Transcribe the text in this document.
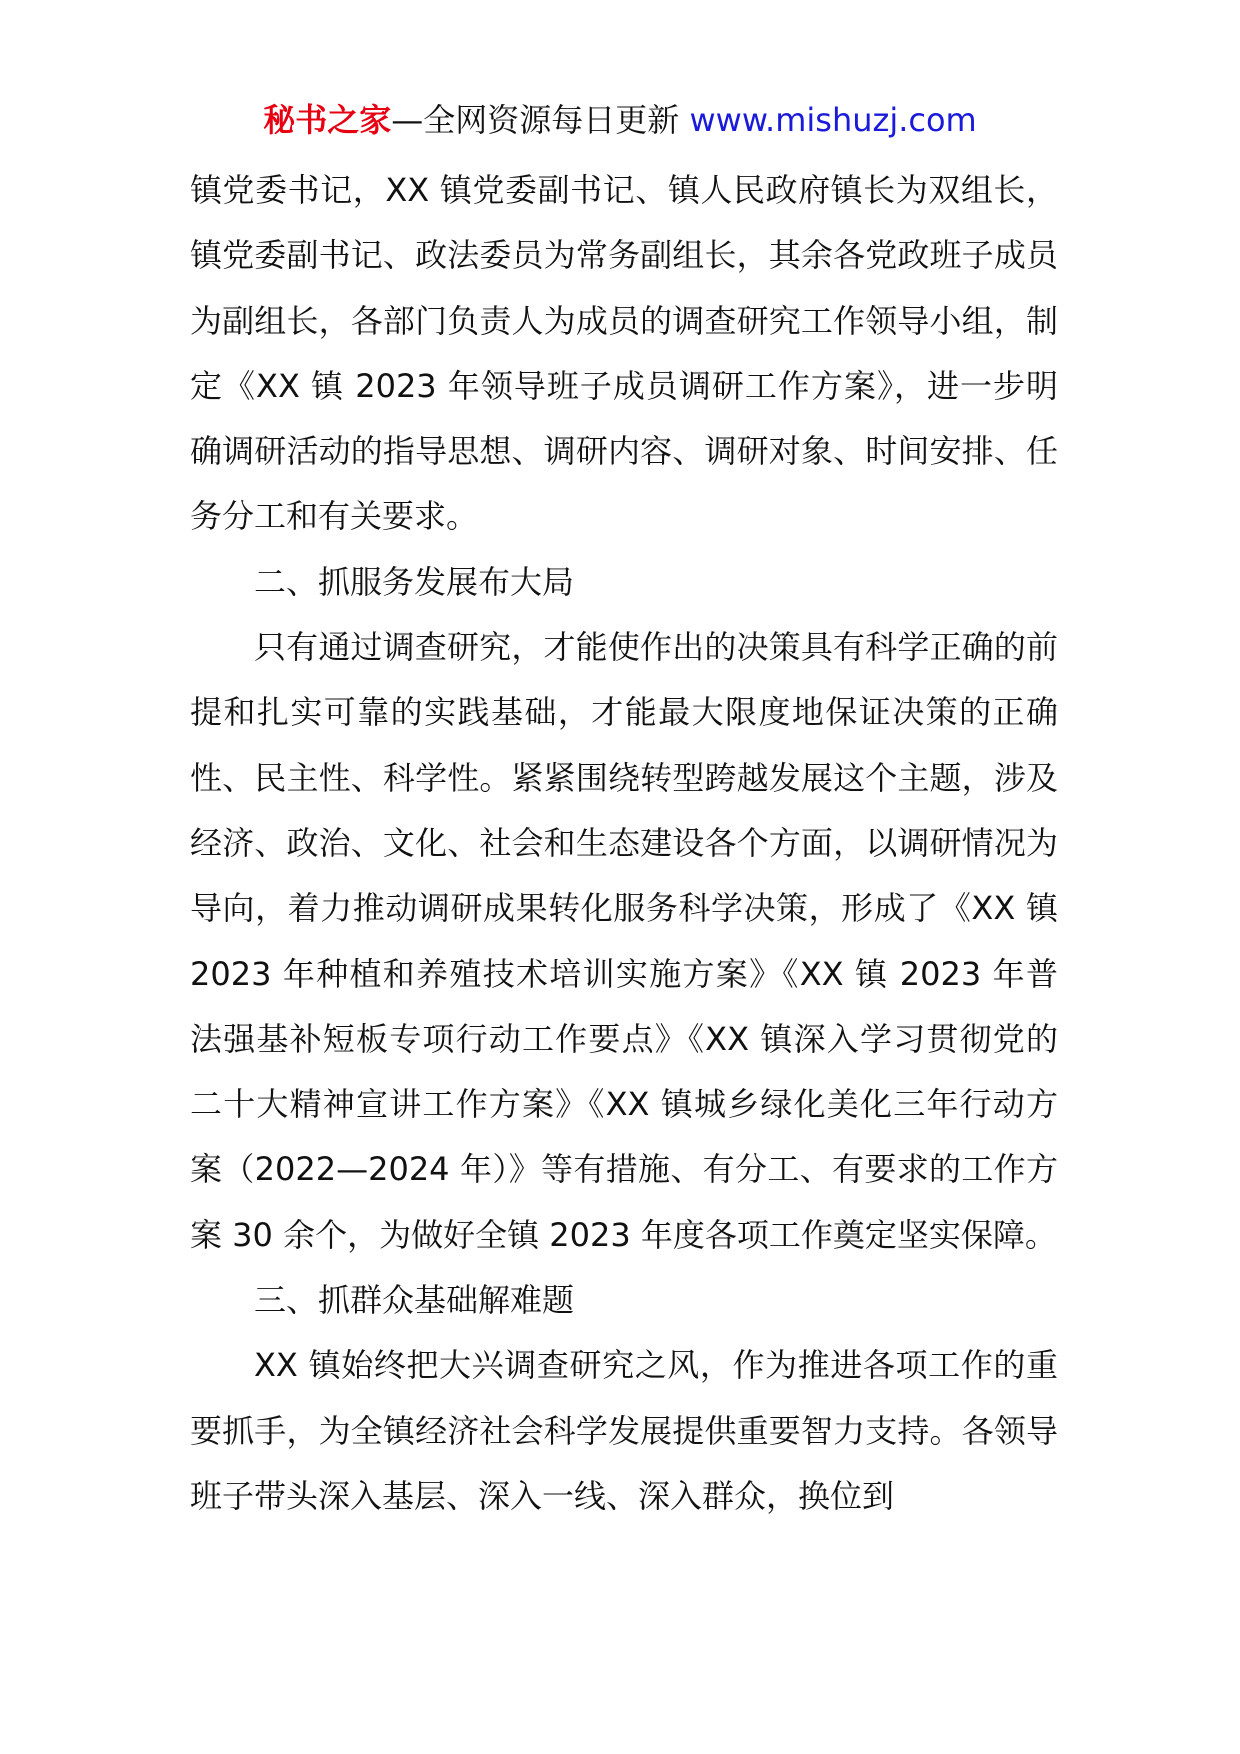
秘书之家—全网资源每日更新 www.mishuzj.com

镇党委书记，XX 镇党委副书记、镇人民政府镇长为双组长，镇党委副书记、政法委员为常务副组长，其余各党政班子成员为副组长，各部门负责人为成员的调查研究工作领导小组，制定《XX 镇 2023 年领导班子成员调研工作方案》，进一步明确调研活动的指导思想、调研内容、调研对象、时间安排、任务分工和有关要求。

二、抓服务发展布大局

只有通过调查研究，才能使作出的决策具有科学正确的前提和扎实可靠的实践基础，才能最大限度地保证决策的正确性、民主性、科学性。紧紧围绕转型跨越发展这个主题，涉及经济、政治、文化、社会和生态建设各个方面，以调研情况为导向，着力推动调研成果转化服务科学决策，形成了《XX 镇 2023 年种植和养殖技术培训实施方案》《XX 镇 2023 年普法强基补短板专项行动工作要点》《XX 镇深入学习贯彻党的二十大精神宣讲工作方案》《XX 镇城乡绿化美化三年行动方案（2022—2024 年）》等有措施、有分工、有要求的工作方案 30 余个，为做好全镇 2023 年度各项工作奠定坚实保障。

三、抓群众基础解难题

XX 镇始终把大兴调查研究之风，作为推进各项工作的重要抓手，为全镇经济社会科学发展提供重要智力支持。各领导班子带头深入基层、深入一线、深入群众，换位到
